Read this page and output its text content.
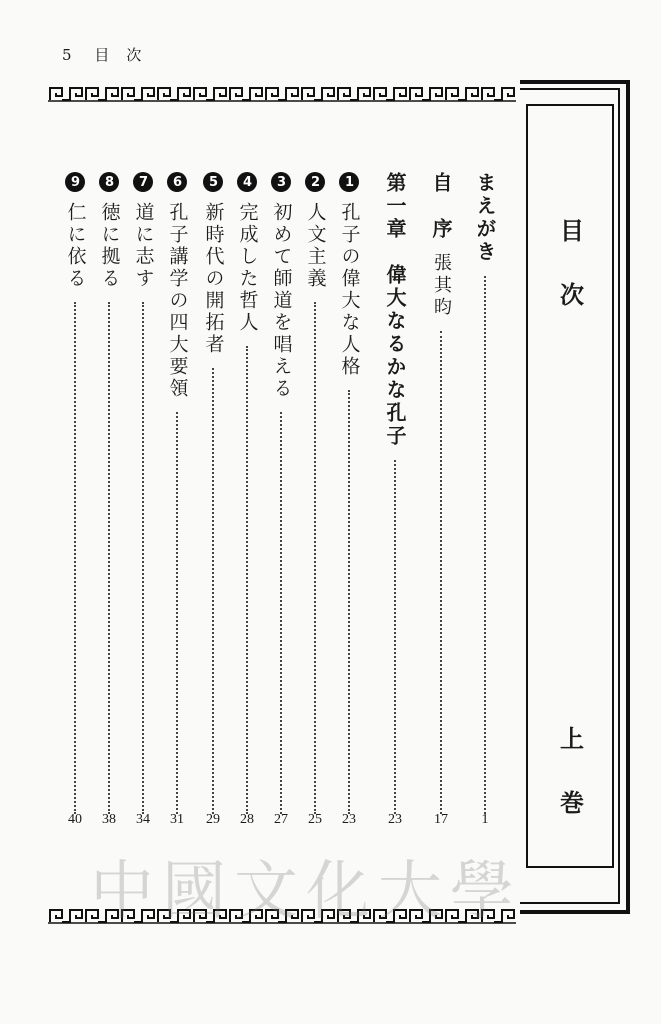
5 目　次
目次
上巻
まえがき
1
自　序
張其昀
17
第一章　偉大なるかな孔子
23
1
孔子の偉大な人格
23
2
人文主義
25
3
初めて師道を唱える
27
4
完成した哲人
28
5
新時代の開拓者
29
6
孔子講学の四大要領
31
7
道に志す
34
8
徳に拠る
38
9
仁に依る
40
中國文化大學
